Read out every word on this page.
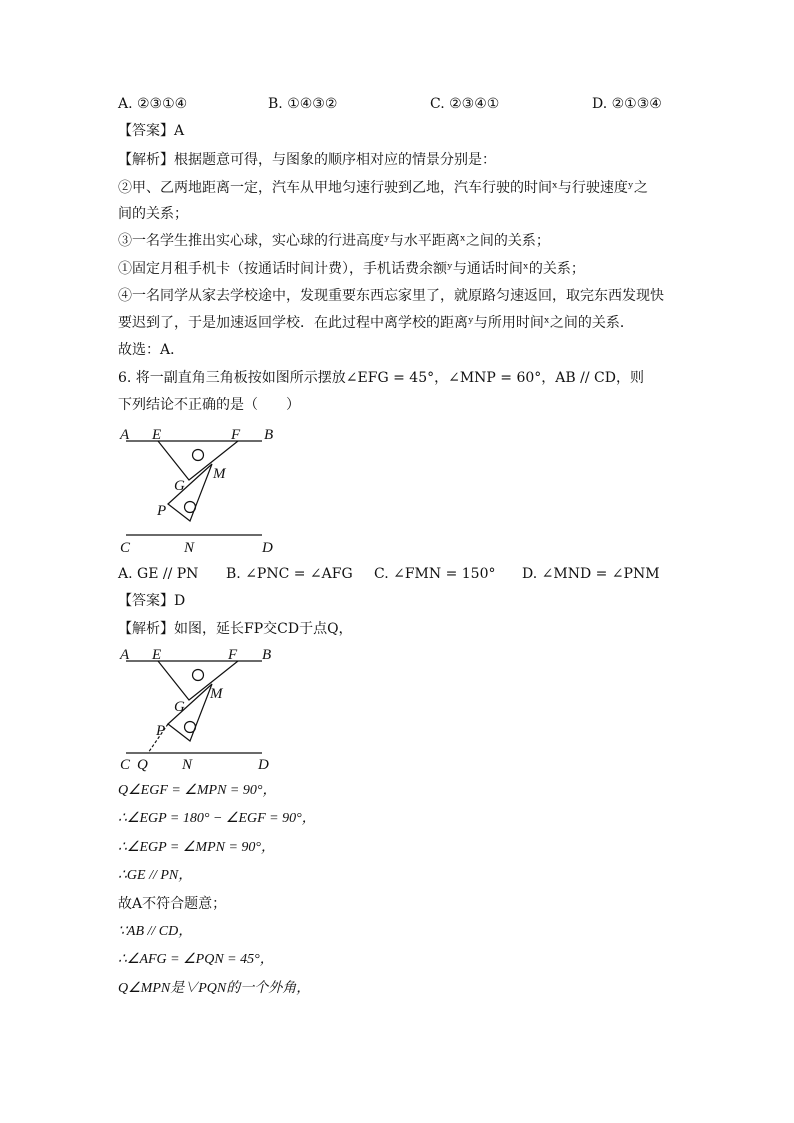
A. ②③①④	B. ①④③②	C. ②③④①	D. ②①③④
【答案】A
【解析】根据题意可得，与图象的顺序相对应的情景分别是：
②甲、乙两地距离一定，汽车从甲地匀速行驶到乙地，汽车行驶的时间ˣ与行驶速度ʸ之
间的关系；
③一名学生推出实心球，实心球的行进高度ʸ与水平距离ˣ之间的关系；
①固定月租手机卡（按通话时间计费），手机话费余额ʸ与通话时间ˣ的关系；
④一名同学从家去学校途中，发现重要东西忘家里了，就原路匀速返回，取完东西发现快
要迟到了，于是加速返回学校．在此过程中离学校的距离ʸ与所用时间ˣ之间的关系．
故选：A．
6. 将一副直角三角板按如图所示摆放∠EFG = 45°，∠MNP = 60°，AB // CD，则
下列结论不正确的是（　　）
A E	F B
G
M
P
C	N	D
A. GE // PN B. ∠PNC = ∠AFG C. ∠FMN = 150° D. ∠MND = ∠PNM
【答案】D
【解析】如图，延长FP交CD于点Q，
A E	F B
G
M
P
C Q N	D
Q∠EGF = ∠MPN = 90°，
∴∠EGP = 180° − ∠EGF = 90°，
∴∠EGP = ∠MPN = 90°，
∴GE // PN，
故A不符合题意；
∵AB // CD，
∴∠AFG = ∠PQN = 45°，
Q∠MPN是∨PQN的一个外角，
